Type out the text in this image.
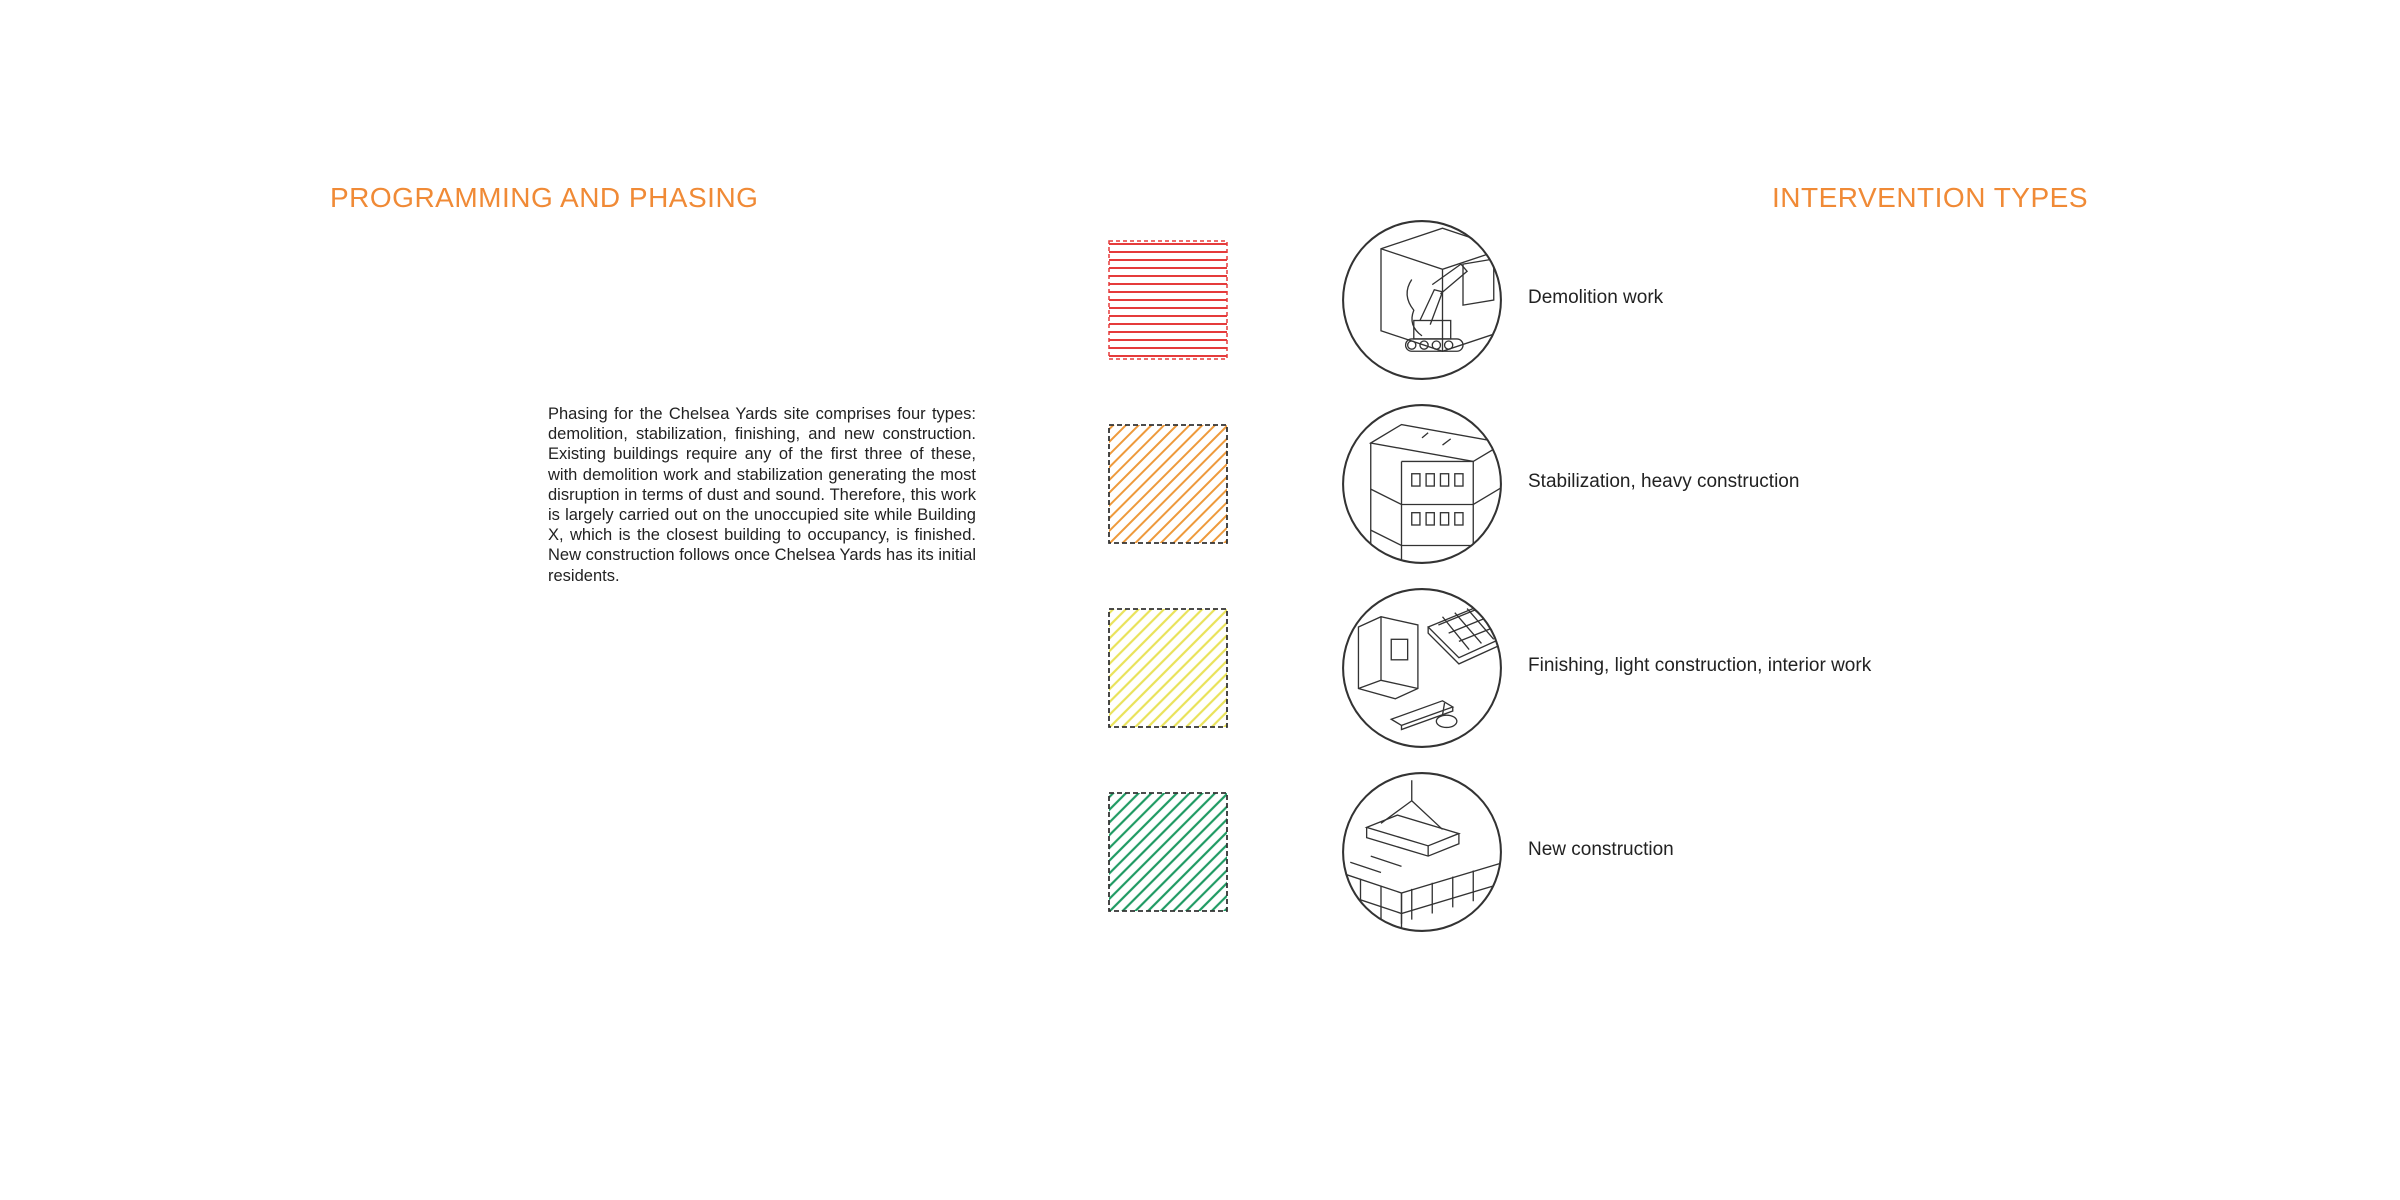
PROGRAMMING AND PHASING	INTERVENTION TYPES

Phasing for the Chelsea Yards site comprises four types: demolition, stabilization, finishing, and new construction. Existing buildings require any of the first three of these, with demolition work and stabilization generating the most disruption in terms of dust and sound. Therefore, this work is largely carried out on the unoccupied site while Building X, which is the closest building to occupancy, is finished. New construction follows once Chelsea Yards has its initial residents.

Demolition work
Stabilization, heavy construction
Finishing, light construction, interior work
New construction
